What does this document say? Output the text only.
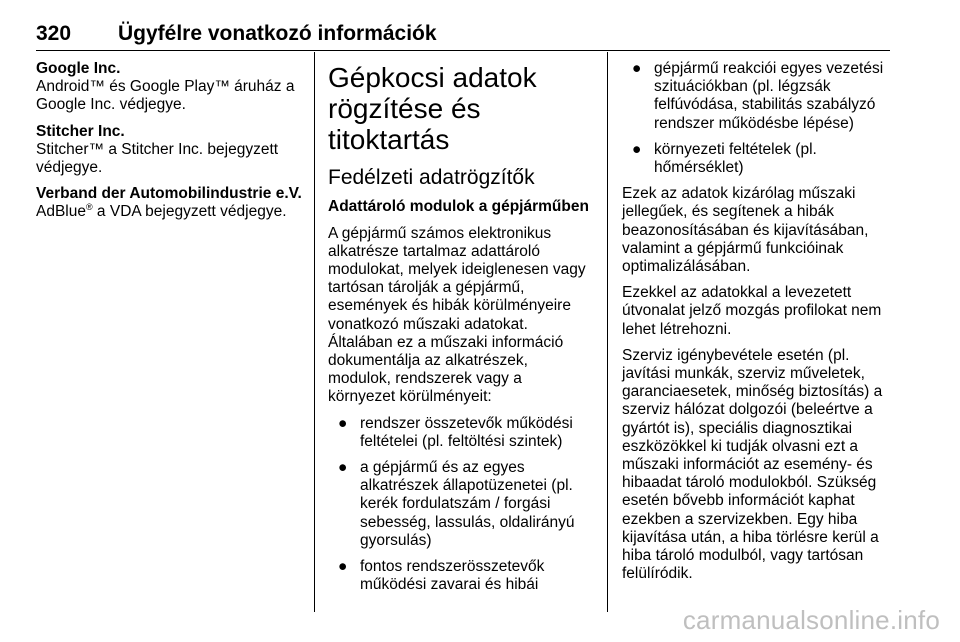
320 Ügyfélre vonatkozó információk
Google Inc.
Android™ és Google Play™ áruház a Google Inc. védjegye.
Stitcher Inc.
Stitcher™ a Stitcher Inc. bejegyzett védjegye.
Verband der Automobilindustrie e.V.
AdBlue® a VDA bejegyzett védjegye.
Gépkocsi adatok rögzítése és titoktartás
Fedélzeti adatrögzítők
Adattároló modulok a gépjárműben

A gépjármű számos elektronikus alkatrésze tartalmaz adattároló modulokat, melyek ideiglenesen vagy tartósan tárolják a gépjármű, események és hibák körülményeire vonatkozó műszaki adatokat. Általában ez a műszaki információ dokumentálja az alkatrészek, modulok, rendszerek vagy a környezet körülményeit:

● rendszer összetevők működési feltételei (pl. feltöltési szintek)
● a gépjármű és az egyes alkatrészek állapotüzenetei (pl. kerék fordulatszám / forgási sebesség, lassulás, oldalirányú gyorsulás)
● fontos rendszerösszetevők működési zavarai és hibái
● gépjármű reakciói egyes vezetési szituációkban (pl. légzsák felfúvódása, stabilitás szabályzó rendszer működésbe lépése)
● környezeti feltételek (pl. hőmérséklet)

Ezek az adatok kizárólag műszaki jellegűek, és segítenek a hibák beazonosításában és kijavításában, valamint a gépjármű funkcióinak optimalizálásában.

Ezekkel az adatokkal a levezetett útvonalat jelző mozgás profilokat nem lehet létrehozni.

Szerviz igénybevétele esetén (pl. javítási munkák, szerviz műveletek, garanciaesetek, minőség biztosítás) a szerviz hálózat dolgozói (beleértve a gyártót is), speciális diagnosztikai eszközökkel ki tudják olvasni ezt a műszaki információt az esemény- és hibaadat tároló modulokból. Szükség esetén bővebb információt kaphat ezekben a szervizekben. Egy hiba kijavítása után, a hiba törlésre kerül a hiba tároló modulból, vagy tartósan felülíródik.

carmanualsonline.info
